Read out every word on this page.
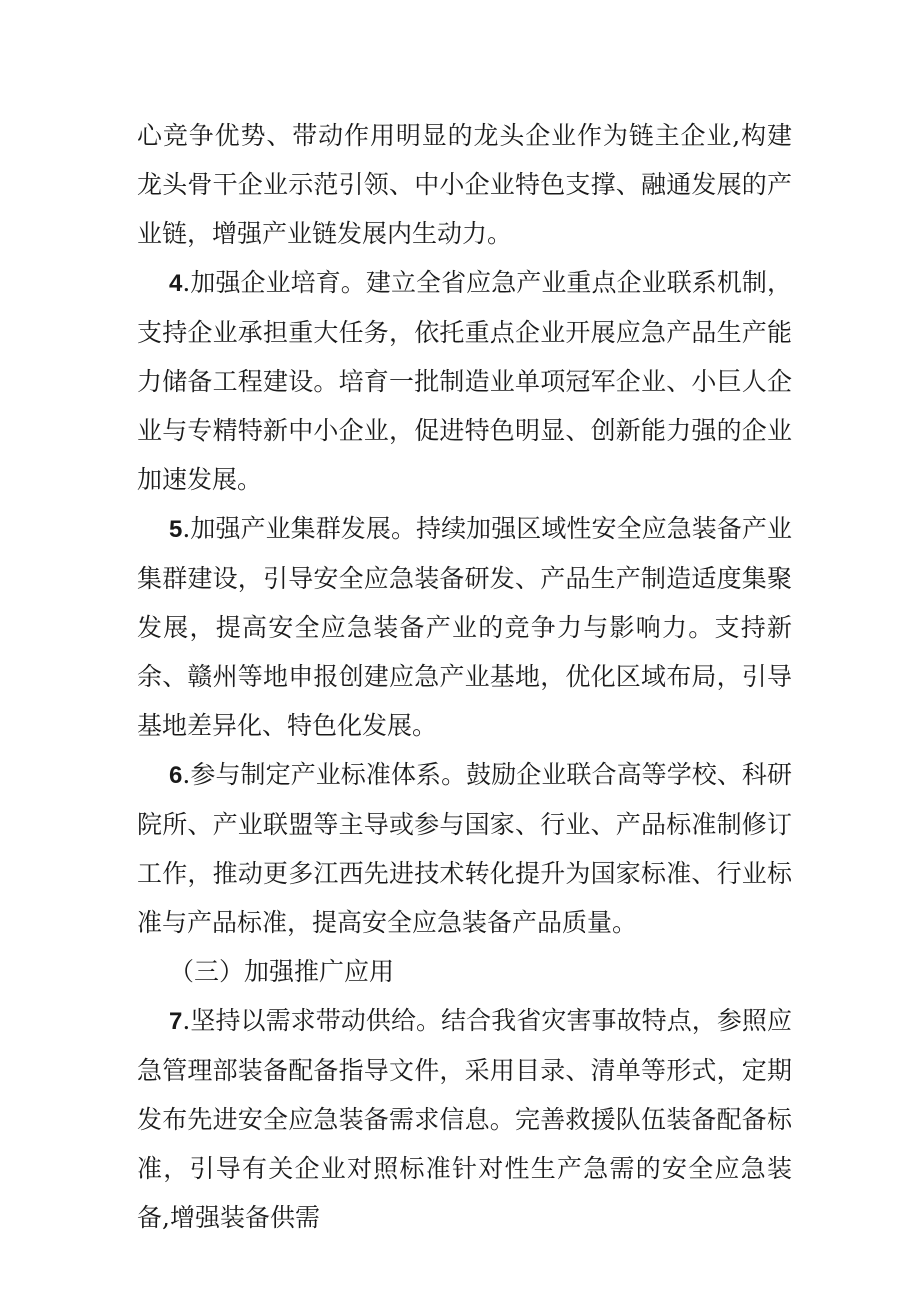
心竞争优势、带动作用明显的龙头企业作为链主企业,构建龙头骨干企业示范引领、中小企业特色支撑、融通发展的产业链，增强产业链发展内生动力。

4.加强企业培育。建立全省应急产业重点企业联系机制，支持企业承担重大任务，依托重点企业开展应急产品生产能力储备工程建设。培育一批制造业单项冠军企业、小巨人企业与专精特新中小企业，促进特色明显、创新能力强的企业加速发展。

5.加强产业集群发展。持续加强区域性安全应急装备产业集群建设，引导安全应急装备研发、产品生产制造适度集聚发展，提高安全应急装备产业的竞争力与影响力。支持新余、赣州等地申报创建应急产业基地，优化区域布局，引导基地差异化、特色化发展。

6.参与制定产业标准体系。鼓励企业联合高等学校、科研院所、产业联盟等主导或参与国家、行业、产品标准制修订工作，推动更多江西先进技术转化提升为国家标准、行业标准与产品标准，提高安全应急装备产品质量。

（三）加强推广应用

7.坚持以需求带动供给。结合我省灾害事故特点，参照应急管理部装备配备指导文件，采用目录、清单等形式，定期发布先进安全应急装备需求信息。完善救援队伍装备配备标准，引导有关企业对照标准针对性生产急需的安全应急装备,增强装备供需
